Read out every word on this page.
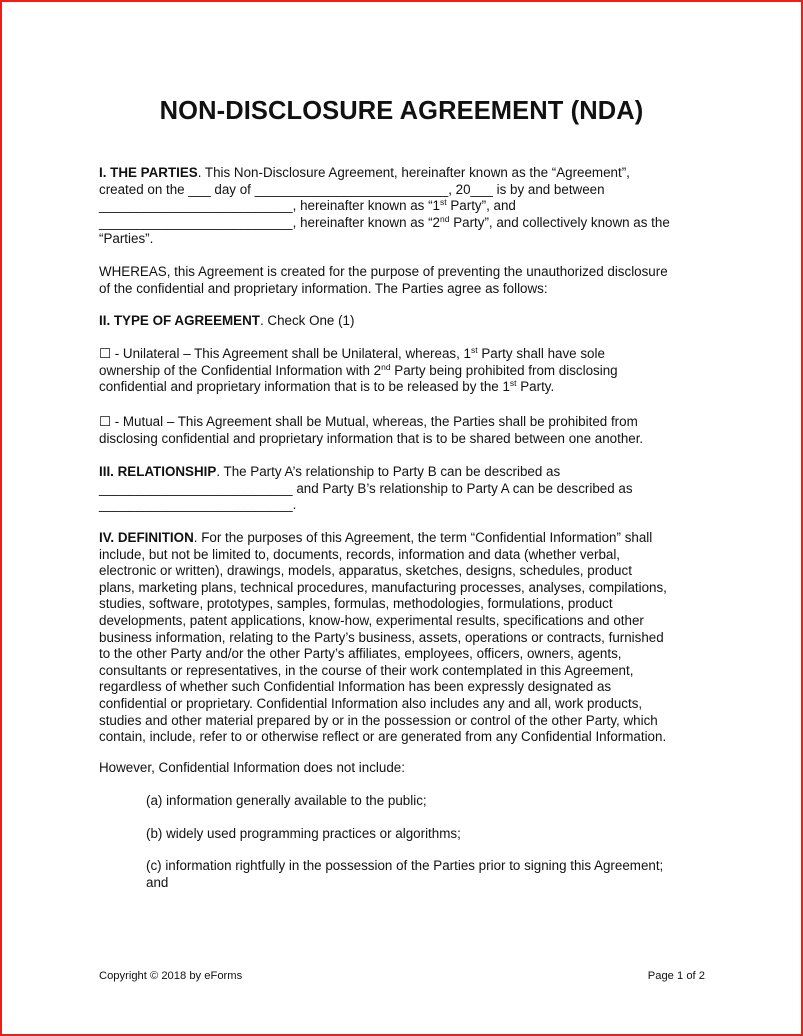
NON-DISCLOSURE AGREEMENT (NDA)
I. THE PARTIES. This Non-Disclosure Agreement, hereinafter known as the “Agreement”,
created on the ___ day of __________________________, 20___ is by and between
__________________________, hereinafter known as “1st Party”, and
__________________________, hereinafter known as “2nd Party”, and collectively known as the
“Parties”.
WHEREAS, this Agreement is created for the purpose of preventing the unauthorized disclosure
of the confidential and proprietary information. The Parties agree as follows:
II. TYPE OF AGREEMENT. Check One (1)
☐ - Unilateral – This Agreement shall be Unilateral, whereas, 1st Party shall have sole
ownership of the Confidential Information with 2nd Party being prohibited from disclosing
confidential and proprietary information that is to be released by the 1st Party.
☐ - Mutual – This Agreement shall be Mutual, whereas, the Parties shall be prohibited from
disclosing confidential and proprietary information that is to be shared between one another.
III. RELATIONSHIP. The Party A’s relationship to Party B can be described as
__________________________ and Party B’s relationship to Party A can be described as
__________________________.
IV. DEFINITION. For the purposes of this Agreement, the term “Confidential Information” shall
include, but not be limited to, documents, records, information and data (whether verbal,
electronic or written), drawings, models, apparatus, sketches, designs, schedules, product
plans, marketing plans, technical procedures, manufacturing processes, analyses, compilations,
studies, software, prototypes, samples, formulas, methodologies, formulations, product
developments, patent applications, know-how, experimental results, specifications and other
business information, relating to the Party’s business, assets, operations or contracts, furnished
to the other Party and/or the other Party’s affiliates, employees, officers, owners, agents,
consultants or representatives, in the course of their work contemplated in this Agreement,
regardless of whether such Confidential Information has been expressly designated as
confidential or proprietary. Confidential Information also includes any and all, work products,
studies and other material prepared by or in the possession or control of the other Party, which
contain, include, refer to or otherwise reflect or are generated from any Confidential Information.
However, Confidential Information does not include:
(a) information generally available to the public;
(b) widely used programming practices or algorithms;
(c) information rightfully in the possession of the Parties prior to signing this Agreement;
and
Copyright © 2018 by eForms	Page 1 of 2
